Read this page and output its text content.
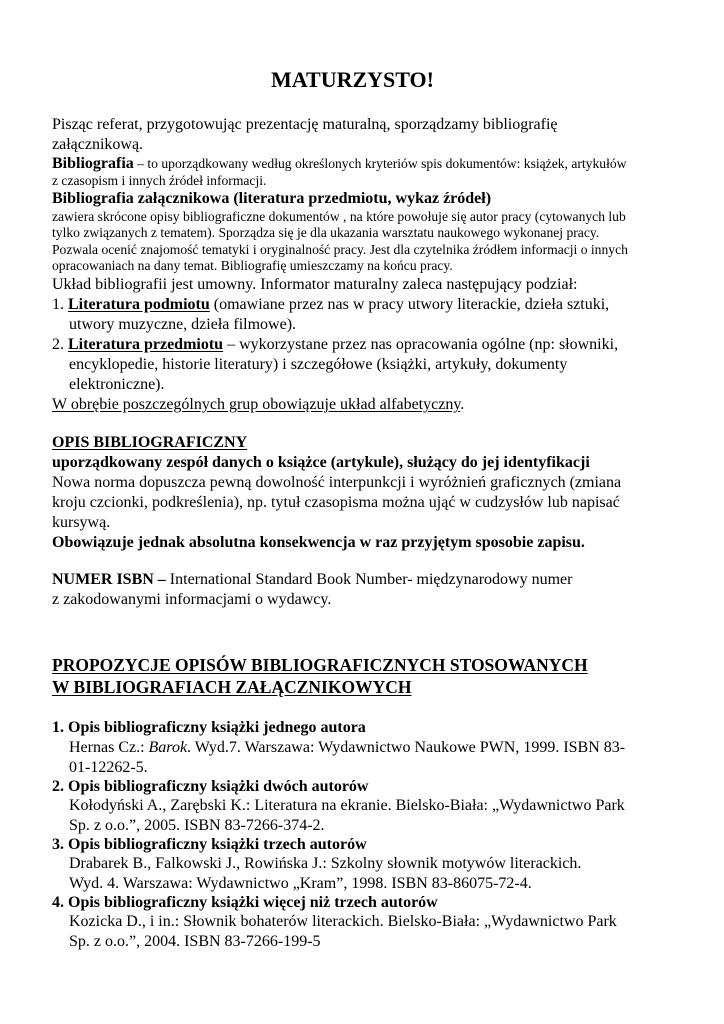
MATURZYSTO!
Pisząc referat, przygotowując prezentację maturalną, sporządzamy bibliografię
załącznikową.
Bibliografia – to uporządkowany według określonych kryteriów spis dokumentów: książek, artykułów
z czasopism i innych źródeł informacji.
Bibliografia załącznikowa (literatura przedmiotu, wykaz źródeł)
zawiera skrócone opisy bibliograficzne dokumentów , na które powołuje się autor pracy (cytowanych lub
tylko związanych z tematem). Sporządza się je dla ukazania warsztatu naukowego wykonanej pracy.
Pozwala ocenić znajomość tematyki i oryginalność pracy. Jest dla czytelnika źródłem informacji o innych
opracowaniach na dany temat. Bibliografię umieszczamy na końcu pracy.
Układ bibliografii jest umowny. Informator maturalny zaleca następujący podział:
1. Literatura podmiotu (omawiane przez nas w pracy utwory literackie, dzieła sztuki,
utwory muzyczne, dzieła filmowe).
2. Literatura przedmiotu – wykorzystane przez nas opracowania ogólne (np: słowniki,
encyklopedie, historie literatury) i szczegółowe (książki, artykuły, dokumenty
elektroniczne).
W obrębie poszczególnych grup obowiązuje układ alfabetyczny.
OPIS BIBLIOGRAFICZNY
uporządkowany zespół danych o książce (artykule), służący do jej identyfikacji
Nowa norma dopuszcza pewną dowolność interpunkcji i wyróżnień graficznych (zmiana
kroju czcionki, podkreślenia), np. tytuł czasopisma można ująć w cudzysłów lub napisać
kursywą.
Obowiązuje jednak absolutna konsekwencja w raz przyjętym sposobie zapisu.
NUMER ISBN – International Standard Book Number- międzynarodowy numer
z zakodowanymi informacjami o wydawcy.
PROPOZYCJE OPISÓW BIBLIOGRAFICZNYCH STOSOWANYCH
W BIBLIOGRAFIACH ZAŁĄCZNIKOWYCH
1. Opis bibliograficzny książki jednego autora
Hernas Cz.: Barok. Wyd.7. Warszawa: Wydawnictwo Naukowe PWN, 1999. ISBN 83-
01-12262-5.
2. Opis bibliograficzny książki dwóch autorów
Kołodyński A., Zarębski K.: Literatura na ekranie. Bielsko-Biała: „Wydawnictwo Park
Sp. z o.o.”, 2005. ISBN 83-7266-374-2.
3. Opis bibliograficzny książki trzech autorów
Drabarek B., Falkowski J., Rowińska J.: Szkolny słownik motywów literackich.
Wyd. 4. Warszawa: Wydawnictwo „Kram”, 1998. ISBN 83-86075-72-4.
4. Opis bibliograficzny książki więcej niż trzech autorów
Kozicka D., i in.: Słownik bohaterów literackich. Bielsko-Biała: „Wydawnictwo Park
Sp. z o.o.”, 2004. ISBN 83-7266-199-5
